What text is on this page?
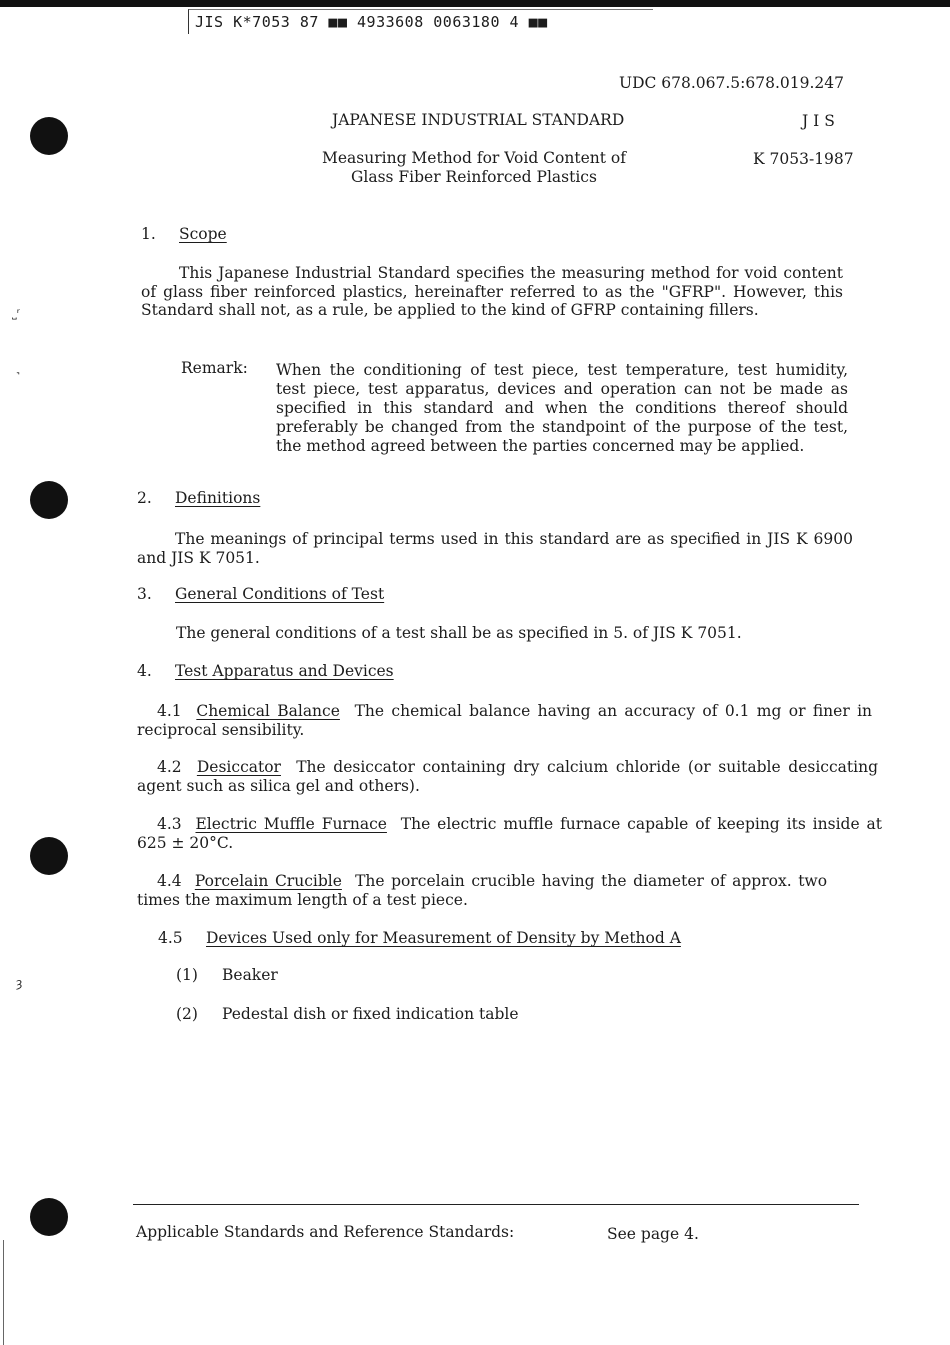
JIS K*7053 87 ■■ 4933608 0063180 4 ■■
˽ʳ
˺
ȝ
UDC 678.067.5:678.019.247
JAPANESE INDUSTRIAL STANDARD	J I S
Measuring Method for Void Content of
Glass Fiber Reinforced Plastics
K 7053-1987
1. Scope
This Japanese Industrial Standard specifies the measuring method for void content of glass fiber reinforced plastics, hereinafter referred to as the "GFRP". However, this Standard shall not, as a rule, be applied to the kind of GFRP containing fillers.
Remark: When the conditioning of test piece, test temperature, test humidity, test piece, test apparatus, devices and operation can not be made as specified in this standard and when the conditions thereof should preferably be changed from the standpoint of the purpose of the test, the method agreed between the parties concerned may be applied.
2. Definitions
The meanings of principal terms used in this standard are as specified in JIS K 6900 and JIS K 7051.
3. General Conditions of Test
The general conditions of a test shall be as specified in 5. of JIS K 7051.
4. Test Apparatus and Devices
4.1 Chemical Balance The chemical balance having an accuracy of 0.1 mg or finer in reciprocal sensibility.
4.2 Desiccator The desiccator containing dry calcium chloride (or suitable desiccating agent such as silica gel and others).
4.3 Electric Muffle Furnace The electric muffle furnace capable of keeping its inside at 625 ± 20°C.
4.4 Porcelain Crucible The porcelain crucible having the diameter of approx. two times the maximum length of a test piece.
4.5 Devices Used only for Measurement of Density by Method A
(1) Beaker
(2) Pedestal dish or fixed indication table
Applicable Standards and Reference Standards:	See page 4.
